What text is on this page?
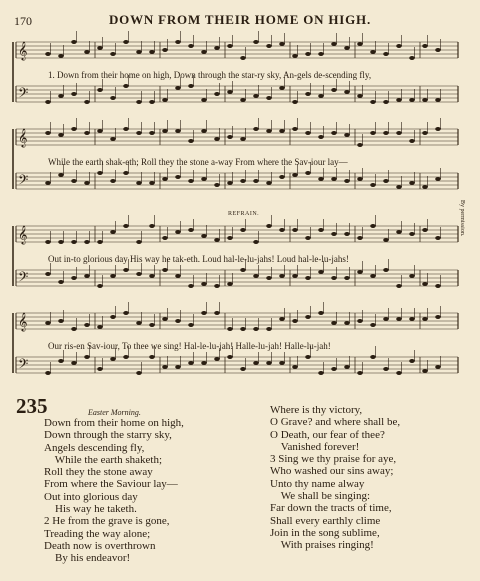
170	DOWN FROM THEIR HOME ON HIGH.
𝄞
𝄢
𝄞
𝄢
𝄞
𝄢
𝄞
𝄢
1. Down from their home on high, Down through the star-ry sky, An-gels de-scending fly,
While the earth shak-eth; Roll they the stone a-way From where the Sav-iour lay—
REFRAIN.
Out in-to glorious day His way he tak-eth. Loud hal-le-lu-jahs! Loud hal-le-lu-jahs!
Our ris-en Sav-iour, To thee we sing! Hal-le-lu-jah! Halle-lu-jah! Halle-lu-jah!
By permission.
235	Easter Morning.
Down from their home on high,
Down through the starry sky,
Angels descending fly,
While the earth shaketh;
Roll they the stone away
From where the Saviour lay—
Out into glorious day
His way he taketh.
2 He from the grave is gone,
Treading the way alone;
Death now is overthrown
By his endeavor!
Where is thy victory,
O Grave? and where shall be,
O Death, our fear of thee?
Vanished forever!
3 Sing we thy praise for aye,
Who washed our sins away;
Unto thy name alway
We shall be singing:
Far down the tracts of time,
Shall every earthly clime
Join in the song sublime,
With praises ringing!
